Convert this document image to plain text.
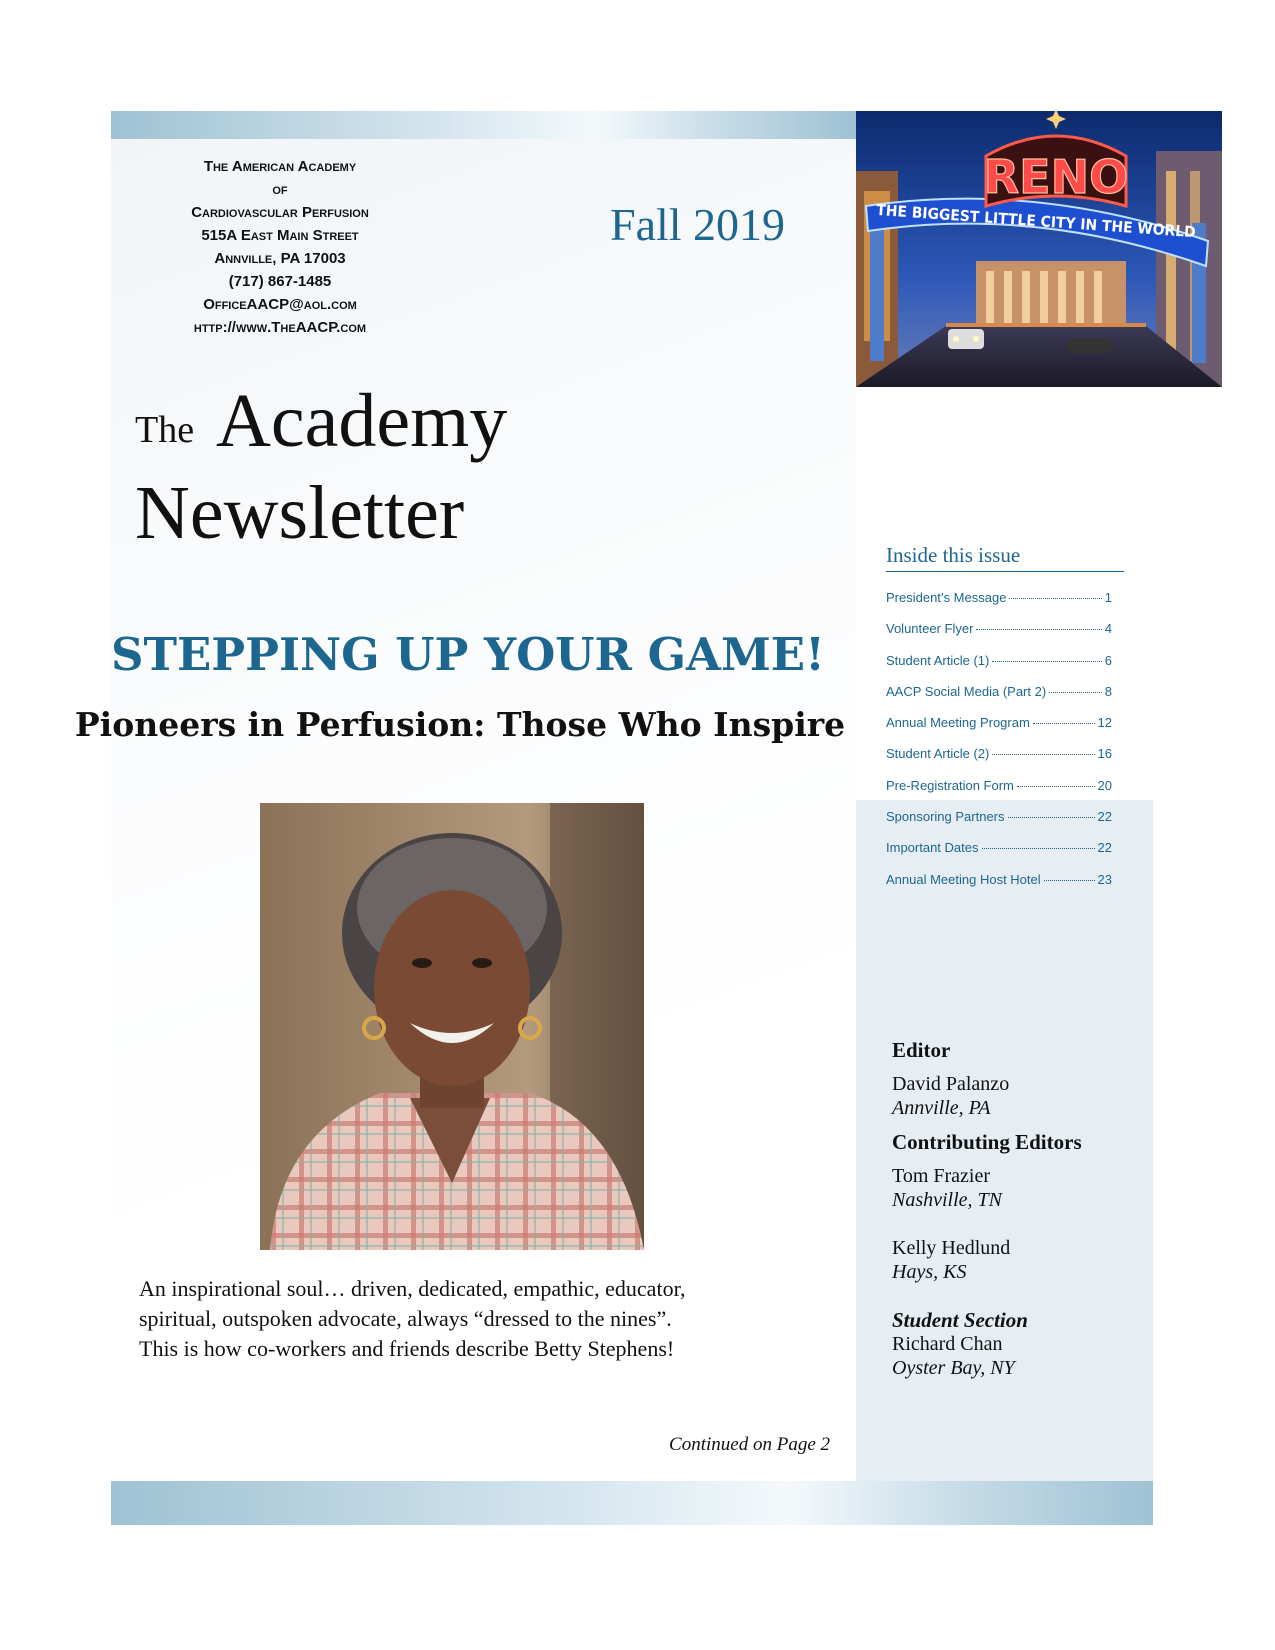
The American Academy
of
Cardiovascular Perfusion
515A East Main Street
Annville, PA 17003
(717) 867-1485
OfficeAACP@aol.com
http://www.TheAACP.com
Fall 2019	THE BIGGEST LITTLE CITY IN THE WORLD
RENO
The Academy
Newsletter
STEPPING UP YOUR GAME!
Pioneers in Perfusion: Those Who Inspire
An inspirational soul… driven, dedicated, empathic, educator,
spiritual, outspoken advocate, always “dressed to the nines”.
This is how co-workers and friends describe Betty Stephens!
Continued on Page 2
Inside this issue
President’s Message	1
Volunteer Flyer	4
Student Article (1)	6
AACP Social Media (Part 2)	8
Annual Meeting Program	12
Student Article (2)	16
Pre-Registration Form	20
Sponsoring Partners	22
Important Dates	22
Annual Meeting Host Hotel	23
Editor
David Palanzo
Annville, PA
Contributing Editors
Tom Frazier
Nashville, TN
Kelly Hedlund
Hays, KS
Student Section
Richard Chan
Oyster Bay, NY
